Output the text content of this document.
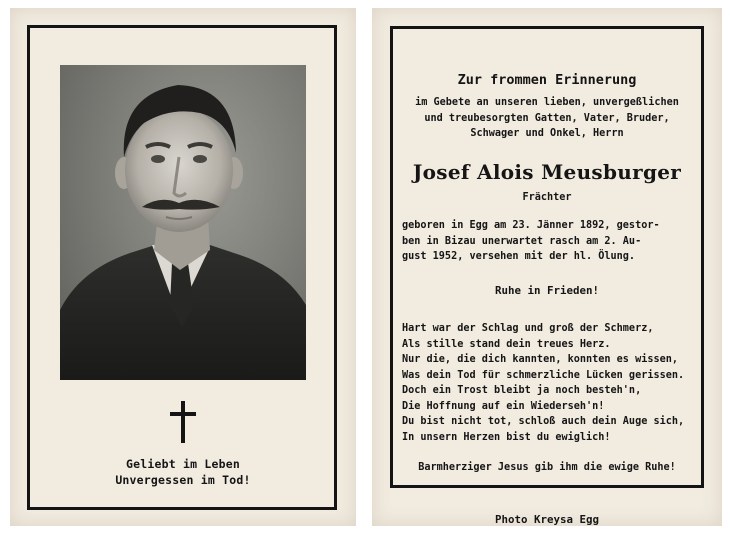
Geliebt im Leben
Unvergessen im Tod!
Zur frommen Erinnerung
im Gebete an unseren lieben, unvergeßlichen
und treubesorgten Gatten, Vater, Bruder,
Schwager und Onkel, Herrn
Josef Alois Meusburger
Frächter
geboren in Egg am 23. Jänner 1892, gestor-
ben in Bizau unerwartet rasch am 2. Au-
gust 1952, versehen mit der hl. Ölung.
Ruhe in Frieden!
Hart war der Schlag und groß der Schmerz,
Als stille stand dein treues Herz.
Nur die, die dich kannten, konnten es wissen,
Was dein Tod für schmerzliche Lücken gerissen.
Doch ein Trost bleibt ja noch besteh'n,
Die Hoffnung auf ein Wiederseh'n!
Du bist nicht tot, schloß auch dein Auge sich,
In unsern Herzen bist du ewiglich!
Barmherziger Jesus gib ihm die ewige Ruhe!
Photo Kreysa Egg
